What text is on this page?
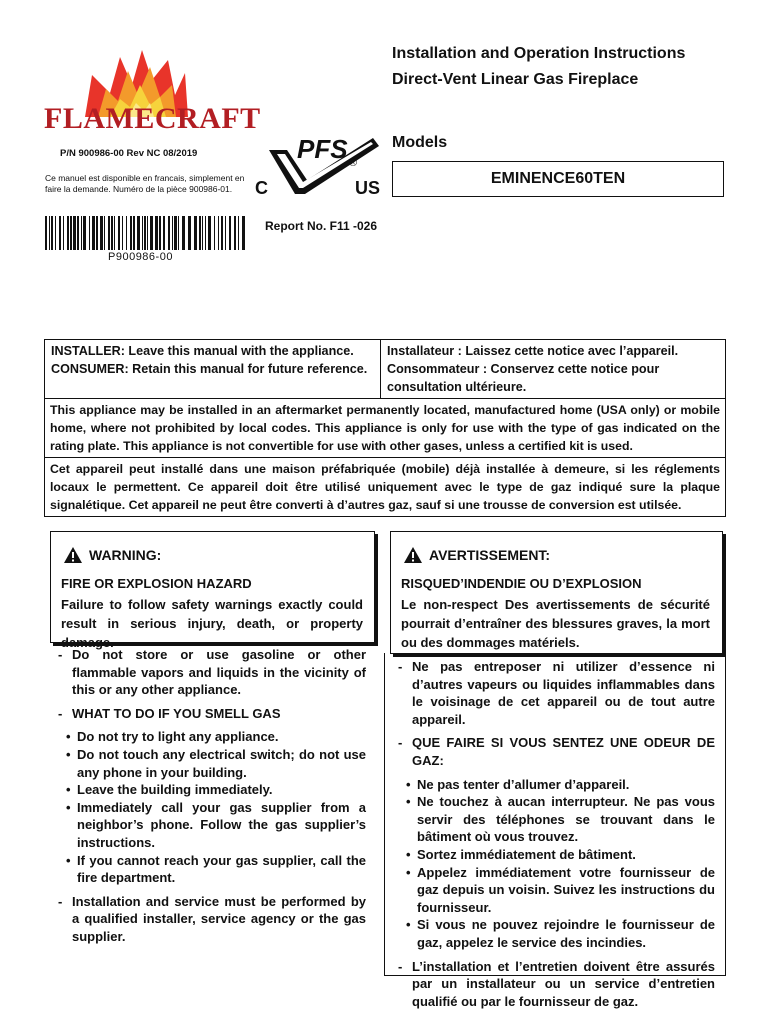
FLAMECRAFT
P/N 900986-00 Rev NC 08/2019
Ce manuel est disponible en francais, simplement en faire la demande. Numéro de la pièce 900986-01.
P900986-00
PFS ®
C	US
Report No. F11 -026
Installation and Operation Instructions
Direct-Vent Linear Gas Fireplace
Models
EMINENCE60TEN
INSTALLER: Leave this manual with the appliance. CONSUMER: Retain this manual for future reference.
Installateur : Laissez cette notice avec l’appareil. Consommateur : Conservez cette notice pour consultation ultérieure.
This appliance may be installed in an aftermarket permanently located, manufactured home (USA only) or mobile home, where not prohibited by local codes. This appliance is only for use with the type of gas indicated on the rating plate. This appliance is not convertible for use with other gases, unless a certified kit is used.
Cet appareil peut installé dans une maison préfabriquée (mobile) déjà installée à demeure, si les réglements locaux le permettent. Ce appareil doit être utilisé uniquement avec le type de gaz indiqué sure la plaque signalétique. Cet appareil ne peut être converti à d’autres gaz, sauf si une trousse de conversion est utilsée.
WARNING:
FIRE OR EXPLOSION HAZARD
Failure to follow safety warnings exactly could result in serious injury, death, or property damage.
- Do not store or use gasoline or other flammable vapors and liquids in the vicinity of this or any other appliance.
- WHAT TO DO IF YOU SMELL GAS
• Do not try to light any appliance.
• Do not touch any electrical switch; do not use any phone in your building.
• Leave the building immediately.
• Immediately call your gas supplier from a neighbor’s phone. Follow the gas supplier’s instructions.
• If you cannot reach your gas supplier, call the fire department.
- Installation and service must be performed by a qualified installer, service agency or the gas supplier.
AVERTISSEMENT:
RISQUED’INDENDIE OU D’EXPLOSION
Le non-respect Des avertissements de sécurité pourrait d’entraîner des blessures graves, la mort ou des dommages matériels.
- Ne pas entreposer ni utilizer d’essence ni d’autres vapeurs ou liquides inflammables dans le voisinage de cet appareil ou de tout autre appareil.
- QUE FAIRE SI VOUS SENTEZ UNE ODEUR DE GAZ:
• Ne pas tenter d’allumer d’appareil.
• Ne touchez à aucan interrupteur. Ne pas vous servir des téléphones se trouvant dans le bâtiment où vous trouvez.
• Sortez immédiatement de bâtiment.
• Appelez immédiatement votre fournisseur de gaz depuis un voisin. Suivez les instructions du fournisseur.
• Si vous ne pouvez rejoindre le fournisseur de gaz, appelez le service des incindies.
- L’installation et l’entretien doivent être assurés par un installateur ou un service d’entretien qualifié ou par le fournisseur de gaz.
